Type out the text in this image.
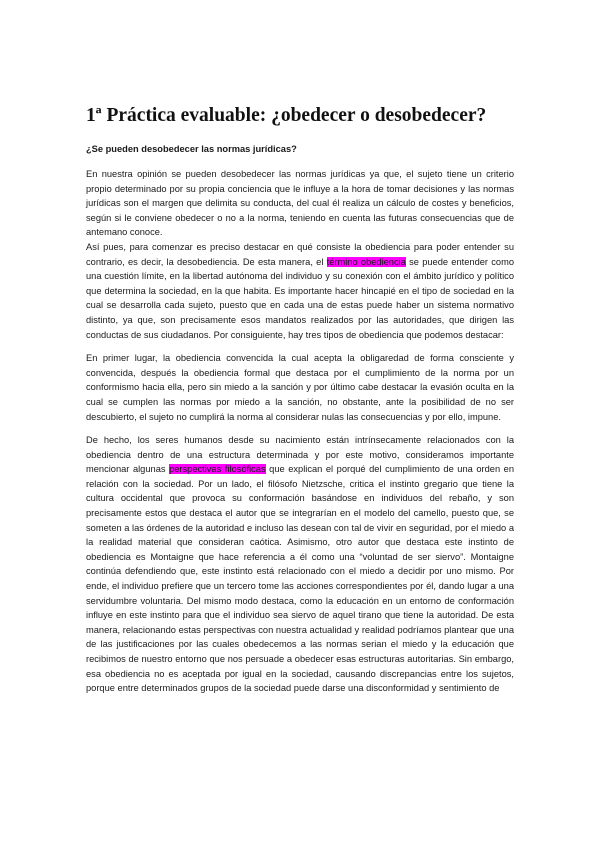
1ª Práctica evaluable: ¿obedecer o desobedecer?
¿Se pueden desobedecer las normas jurídicas?

En nuestra opinión se pueden desobedecer las normas jurídicas ya que, el sujeto tiene un criterio propio determinado por su propia conciencia que le influye a la hora de tomar decisiones y las normas jurídicas son el margen que delimita su conducta, del cual él realiza un cálculo de costes y beneficios, según si le conviene obedecer o no a la norma, teniendo en cuenta las futuras consecuencias que de antemano conoce.

Así pues, para comenzar es preciso destacar en qué consiste la obediencia para poder entender su contrario, es decir, la desobediencia. De esta manera, el término obediencia se puede entender como una cuestión límite, en la libertad autónoma del individuo y su conexión con el ámbito jurídico y político que determina la sociedad, en la que habita. Es importante hacer hincapié en el tipo de sociedad en la cual se desarrolla cada sujeto, puesto que en cada una de estas puede haber un sistema normativo distinto, ya que, son precisamente esos mandatos realizados por las autoridades, que dirigen las conductas de sus ciudadanos. Por consiguiente, hay tres tipos de obediencia que podemos destacar:

En primer lugar, la obediencia convencida la cual acepta la obligaredad de forma consciente y convencida, después la obediencia formal que destaca por el cumplimiento de la norma por un conformismo hacia ella, pero sin miedo a la sanción y por último cabe destacar la evasión oculta en la cual se cumplen las normas por miedo a la sanción, no obstante, ante la posibilidad de no ser descubierto, el sujeto no cumplirá la norma al considerar nulas las consecuencias y por ello, impune.

De hecho, los seres humanos desde su nacimiento están intrínsecamente relacionados con la obediencia dentro de una estructura determinada y por este motivo, consideramos importante mencionar algunas perspectivas filosóficas que explican el porqué del cumplimiento de una orden en relación con la sociedad. Por un lado, el filósofo Nietzsche, critica el instinto gregario que tiene la cultura occidental que provoca su conformación basándose en individuos del rebaño, y son precisamente estos que destaca el autor que se integrarían en el modelo del camello, puesto que, se someten a las órdenes de la autoridad e incluso las desean con tal de vivir en seguridad, por el miedo a la realidad material que consideran caótica. Asimismo, otro autor que destaca este instinto de obediencia es Montaigne que hace referencia a él como una “voluntad de ser siervo”. Montaigne continúa defendiendo que, este instinto está relacionado con el miedo a decidir por uno mismo. Por ende, el individuo prefiere que un tercero tome las acciones correspondientes por él, dando lugar a una servidumbre voluntaria. Del mismo modo destaca, como la educación en un entorno de conformación influye en este instinto para que el individuo sea siervo de aquel tirano que tiene la autoridad. De esta manera, relacionando estas perspectivas con nuestra actualidad y realidad podríamos plantear que una de las justificaciones por las cuales obedecemos a las normas serian el miedo y la educación que recibimos de nuestro entorno que nos persuade a obedecer esas estructuras autoritarias. Sin embargo, esa obediencia no es aceptada por igual en la sociedad, causando discrepancias entre los sujetos, porque entre determinados grupos de la sociedad puede darse una disconformidad y sentimiento de
